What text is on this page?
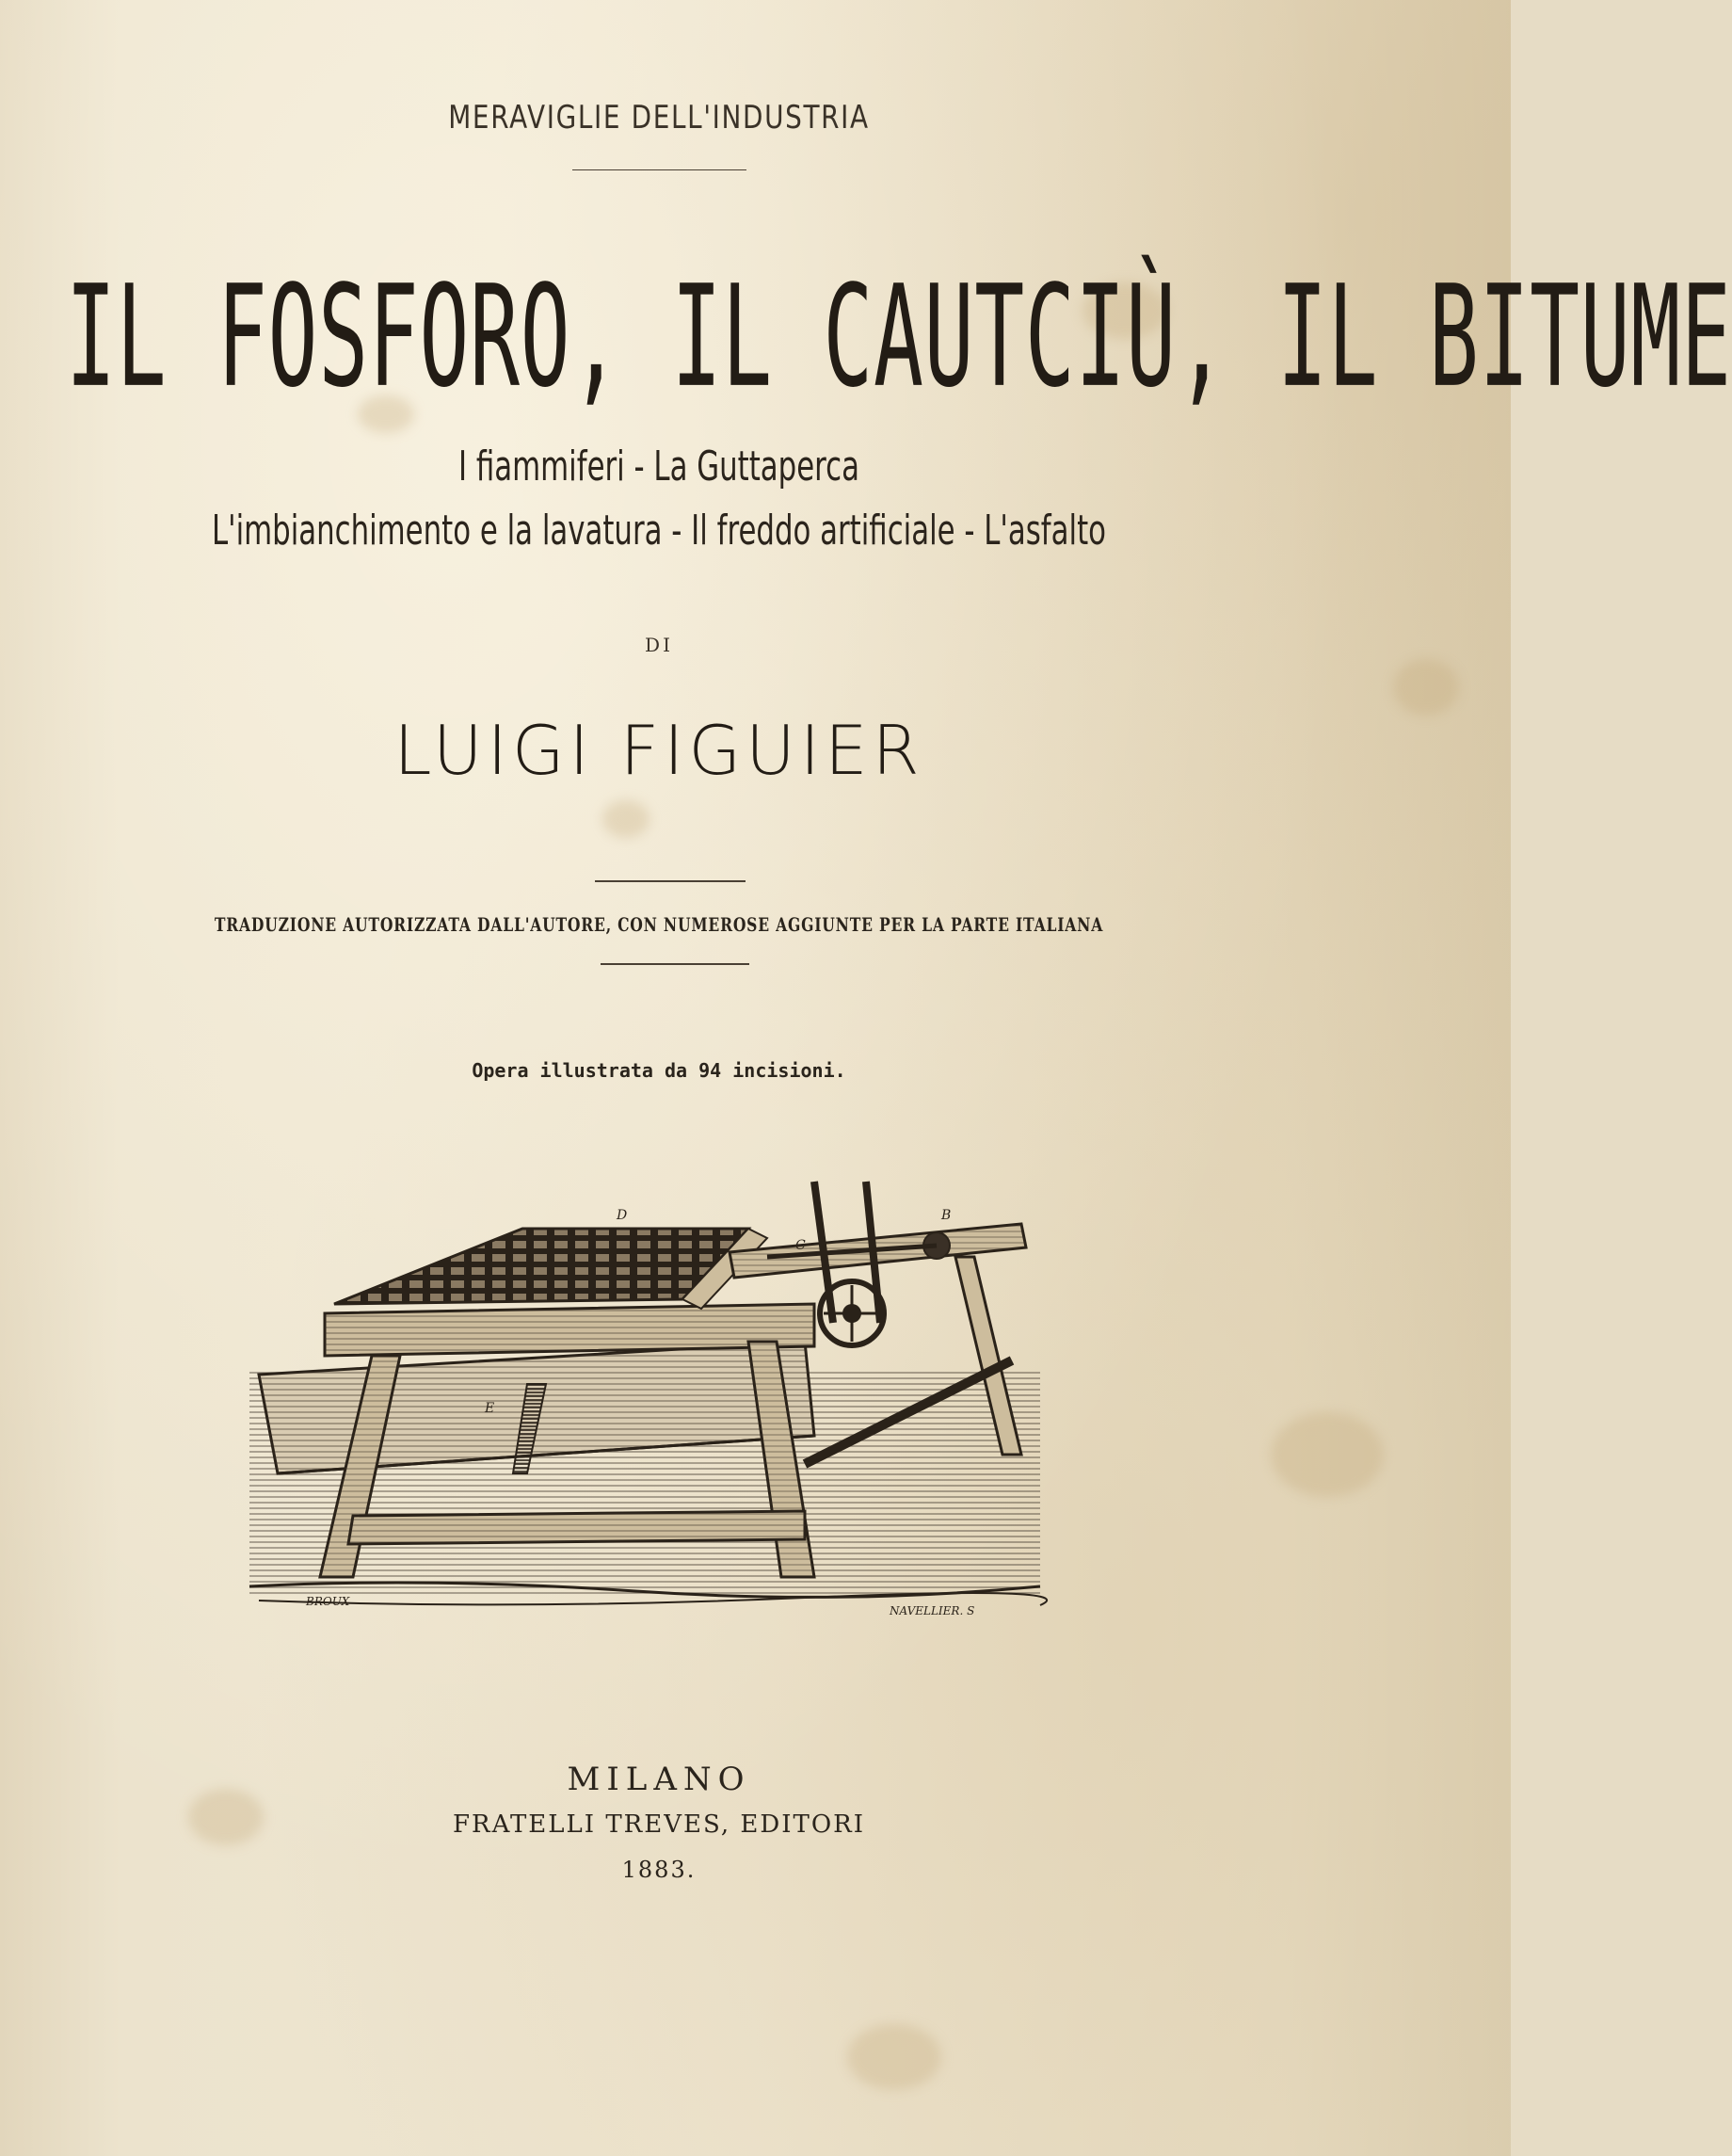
MERAVIGLIE DELL'INDUSTRIA
IL FOSFORO, IL CAUTCIÙ, IL BITUME
I fiammiferi - La Guttaperca
L'imbianchimento e la lavatura - Il freddo artificiale - L'asfalto
DI
LUIGI FIGUIER
TRADUZIONE AUTORIZZATA DALL'AUTORE, CON NUMEROSE AGGIUNTE PER LA PARTE ITALIANA
Opera illustrata da 94 incisioni.
D	B
C
E
BROUX
NAVELLIER. S
MILANO
FRATELLI TREVES, EDITORI
1883.
